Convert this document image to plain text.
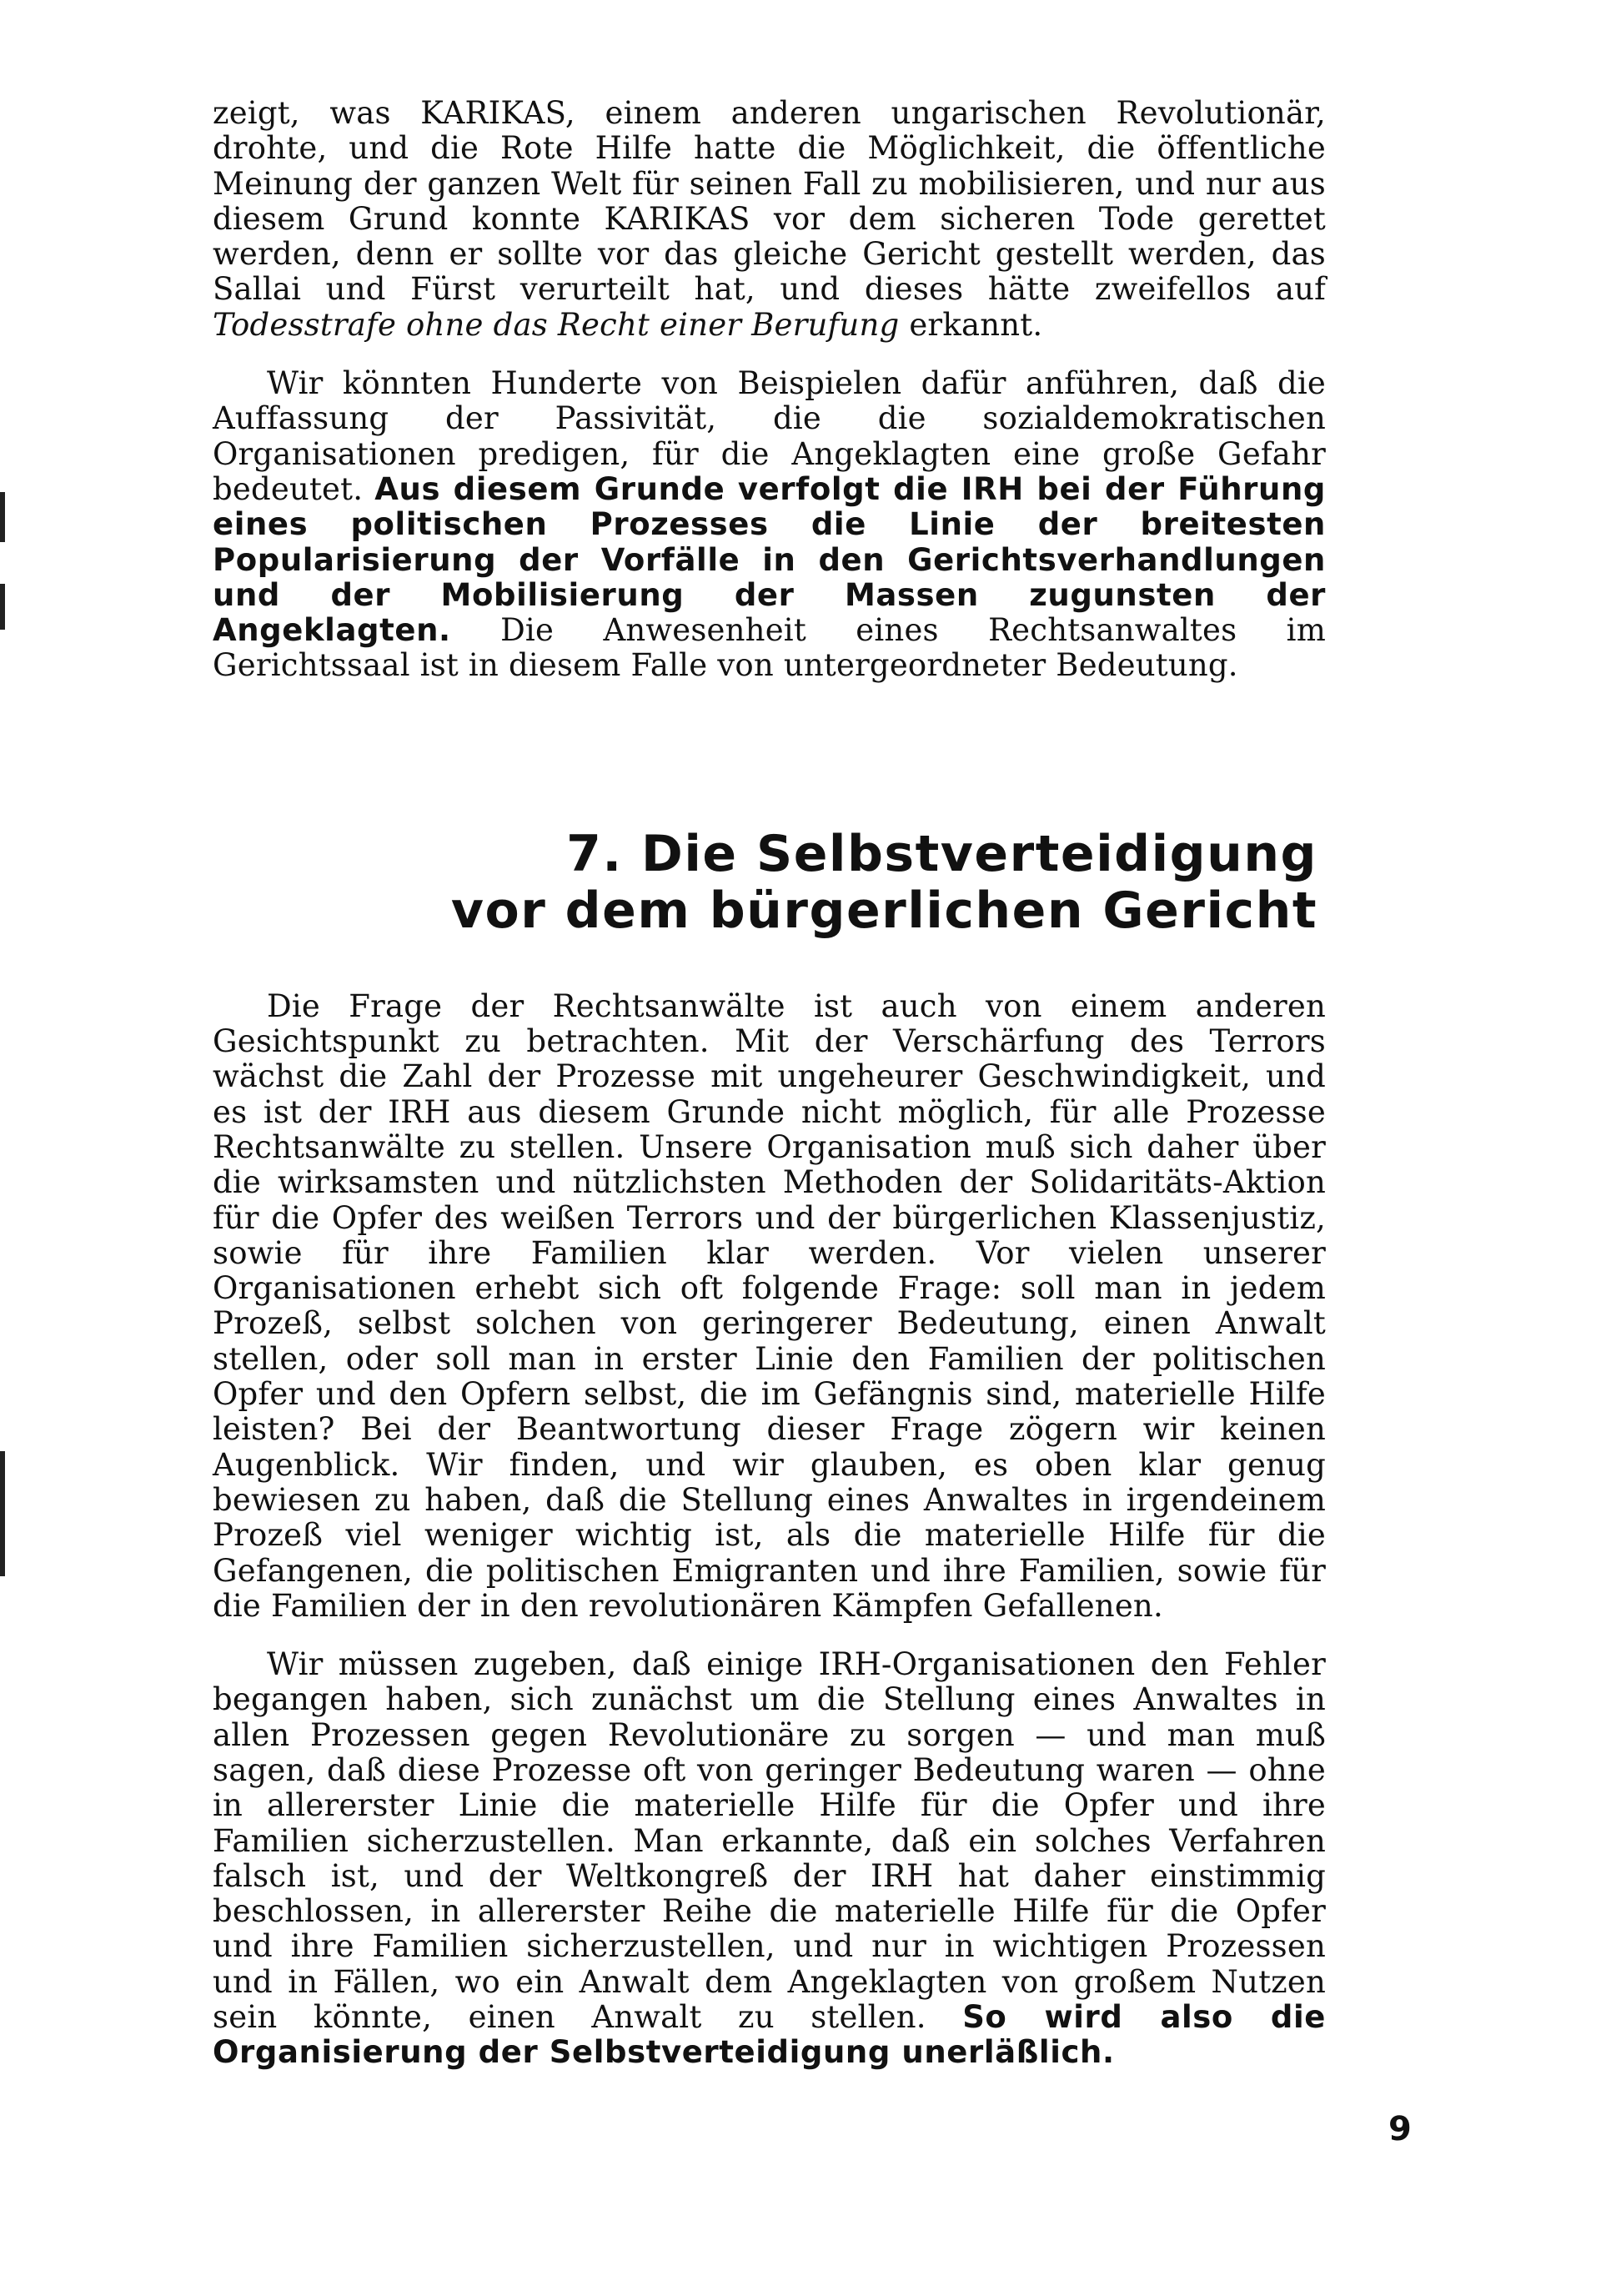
zeigt, was KARIKAS, einem anderen ungarischen Revolutionär, drohte, und die Rote Hilfe hatte die Möglichkeit, die öffentliche Meinung der ganzen Welt für seinen Fall zu mobilisieren, und nur aus diesem Grund konnte KARIKAS vor dem sicheren Tode gerettet werden, denn er sollte vor das gleiche Gericht gestellt werden, das Sallai und Fürst verurteilt hat, und dieses hätte zweifellos auf Todesstrafe ohne das Recht einer Berufung erkannt.

Wir könnten Hunderte von Beispielen dafür anführen, daß die Auffassung der Passivität, die die sozialdemokratischen Organisationen predigen, für die Angeklagten eine große Gefahr bedeutet. Aus diesem Grunde verfolgt die IRH bei der Führung eines politischen Prozesses die Linie der breitesten Popularisierung der Vorfälle in den Gerichtsverhandlungen und der Mobilisierung der Massen zugunsten der Angeklagten. Die Anwesenheit eines Rechtsanwaltes im Gerichtssaal ist in diesem Falle von untergeordneter Bedeutung.

7. Die Selbstverteidigung
vor dem bürgerlichen Gericht

Die Frage der Rechtsanwälte ist auch von einem anderen Gesichtspunkt zu betrachten. Mit der Verschärfung des Terrors wächst die Zahl der Prozesse mit ungeheurer Geschwindigkeit, und es ist der IRH aus diesem Grunde nicht möglich, für alle Prozesse Rechtsanwälte zu stellen. Unsere Organisation muß sich daher über die wirksamsten und nützlichsten Methoden der Solidaritäts-Aktion für die Opfer des weißen Terrors und der bürgerlichen Klassenjustiz, sowie für ihre Familien klar werden. Vor vielen unserer Organisationen erhebt sich oft folgende Frage: soll man in jedem Prozeß, selbst solchen von geringerer Bedeutung, einen Anwalt stellen, oder soll man in erster Linie den Familien der politischen Opfer und den Opfern selbst, die im Gefängnis sind, materielle Hilfe leisten? Bei der Beantwortung dieser Frage zögern wir keinen Augenblick. Wir finden, und wir glauben, es oben klar genug bewiesen zu haben, daß die Stellung eines Anwaltes in irgendeinem Prozeß viel weniger wichtig ist, als die materielle Hilfe für die Gefangenen, die politischen Emigranten und ihre Familien, sowie für die Familien der in den revolutionären Kämpfen Gefallenen.

Wir müssen zugeben, daß einige IRH-Organisationen den Fehler begangen haben, sich zunächst um die Stellung eines Anwaltes in allen Prozessen gegen Revolutionäre zu sorgen — und man muß sagen, daß diese Prozesse oft von geringer Bedeutung waren — ohne in allererster Linie die materielle Hilfe für die Opfer und ihre Familien sicherzustellen. Man erkannte, daß ein solches Verfahren falsch ist, und der Weltkongreß der IRH hat daher einstimmig beschlossen, in allererster Reihe die materielle Hilfe für die Opfer und ihre Familien sicherzustellen, und nur in wichtigen Prozessen und in Fällen, wo ein Anwalt dem Angeklagten von großem Nutzen sein könnte, einen Anwalt zu stellen. So wird also die Organisierung der Selbstverteidigung unerläßlich.

9
